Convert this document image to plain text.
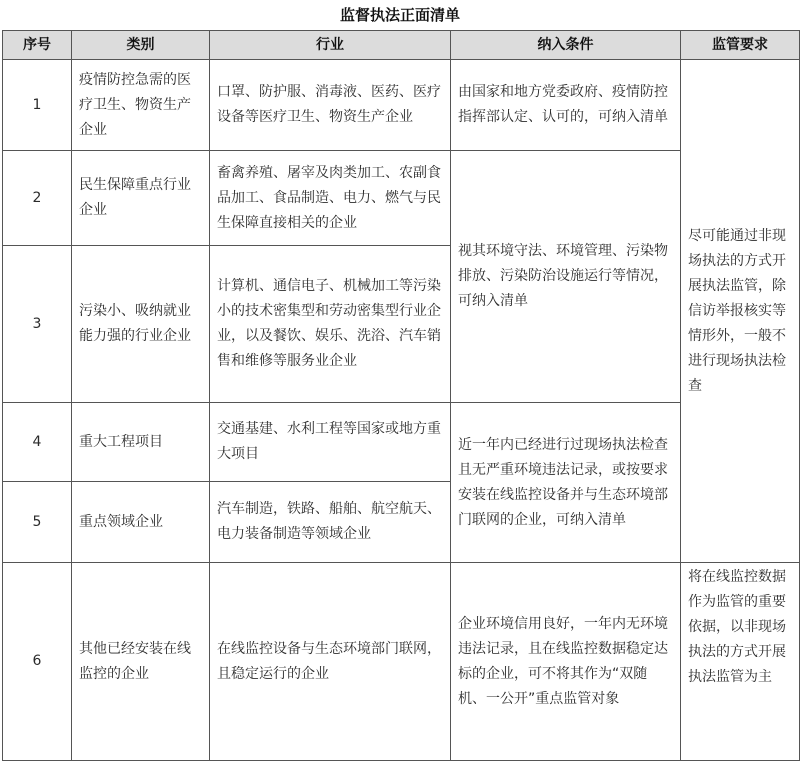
监督执法正面清单
序号	类别	行业	纳入条件	监管要求
1	疫情防控急需的医疗卫生、物资生产企业	口罩、防护服、消毒液、医药、医疗设备等医疗卫生、物资生产企业	由国家和地方党委政府、疫情防控指挥部认定、认可的，可纳入清单	尽可能通过非现场执法的方式开展执法监管，除信访举报核实等情形外，一般不进行现场执法检查
2	民生保障重点行业企业	畜禽养殖、屠宰及肉类加工、农副食品加工、食品制造、电力、燃气与民生保障直接相关的企业	视其环境守法、环境管理、污染物排放、污染防治设施运行等情况，可纳入清单	
3	污染小、吸纳就业能力强的行业企业	计算机、通信电子、机械加工等污染小的技术密集型和劳动密集型行业企业，以及餐饮、娱乐、洗浴、汽车销售和维修等服务业企业		
4	重大工程项目	交通基建、水利工程等国家或地方重大项目	近一年内已经进行过现场执法检查且无严重环境违法记录，或按要求安装在线监控设备并与生态环境部门联网的企业，可纳入清单	
5	重点领域企业	汽车制造，铁路、船舶、航空航天、电力装备制造等领域企业		
6	其他已经安装在线监控的企业	在线监控设备与生态环境部门联网，且稳定运行的企业	企业环境信用良好，一年内无环境违法记录，且在线监控数据稳定达标的企业，可不将其作为“双随机、一公开”重点监管对象	将在线监控数据作为监管的重要依据，以非现场执法的方式开展执法监管为主
